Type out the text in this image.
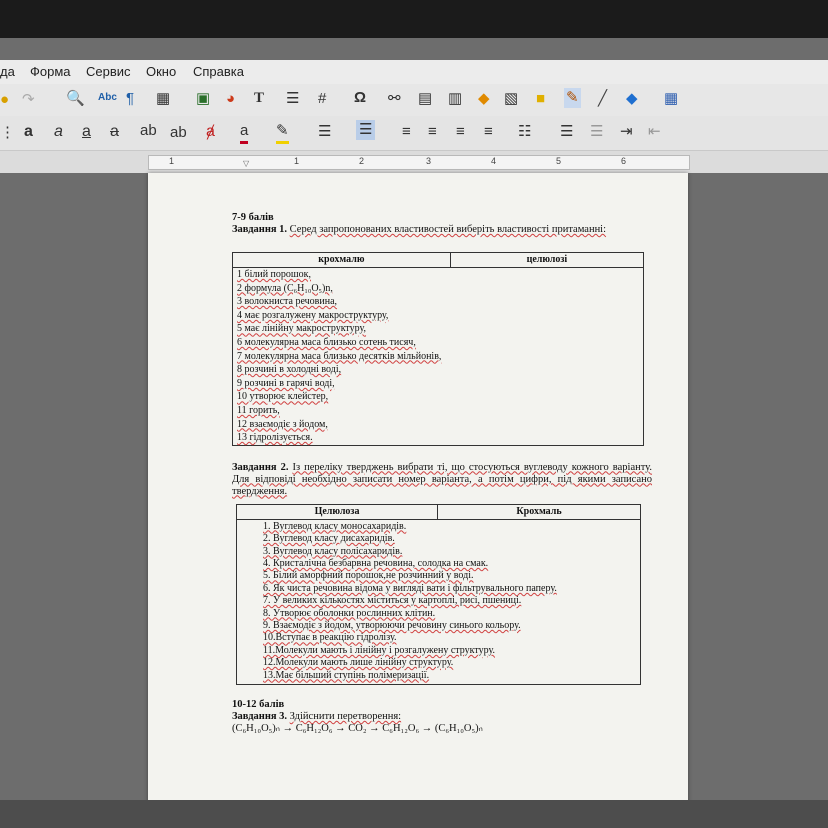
да Форма Сервис Окно Справка
● ↷ 🔍 Abc ¶ ▦ ▣ ◕ T ☰ # Ω ⚯ ▤ ▥ ◆ ▧ ■ ✎ ╱ ◆ ▦
⋮ a a a a ab ab ⱥ a ✎ ☰ ☰ ≡ ≡ ≡ ≡ ☷ ☰ ☰ ⇥ ⇤
1	▽	1	2	3	4	5	6
7-9 балів
Завдання 1. Серед запропонованих властивостей виберіть властивості притаманні:
крохмалю	целюлозі

1 білий порошок,
2 формула (C₆H₁₀O₅)n,
3 волокниста речовина,
4 має розгалужену макроструктуру,
5 має лінійну макроструктуру,
6 молекулярна маса близько сотень тисяч,
7 молекулярна маса близько десятків мільйонів,
8 розчині в холодні воді,
9 розчині в гарячі воді,
10 утворює клейстер,
11 горить,
12 взаємодіє з йодом,
13 гідролізується.
Завдання 2. Із переліку тверджень вибрати ті, що стосуються вуглеводу кожного варіанту. Для відповіді необхідно записати номер варіанта, а потім цифри, під якими записано твердження.
Целюлоза	Крохмаль

1. Вуглевод класу моносахаридів.
2. Вуглевод класу дисахаридів.
3. Вуглевод класу полісахаридів.
4. Кристалічна безбарвна речовина, солодка на смак.
5. Білий аморфний порошок,не розчинний у воді.
6. Як чиста речовина відома у вигляді вати і фільтрувального паперу.
7. У великих кількостях міститься у картоплі, рисі, пшениці.
8. Утворює оболонки рослинних клітин.
9. Взаємодіє з йодом, утворюючи речовину синього кольору.
10.Вступає в реакцію гідролізу.
11.Молекули мають і лінійну і розгалужену структуру.
12.Молекули мають лише лінійну структуру.
13.Має більший ступінь полімеризації.
10-12 балів
Завдання 3. Здійснити перетворення:
(C₆H₁₀O₅)ₙ → C₆H₁₂O₆ → CO₂ → C₆H₁₂O₆ → (C₆H₁₀O₅)ₙ
